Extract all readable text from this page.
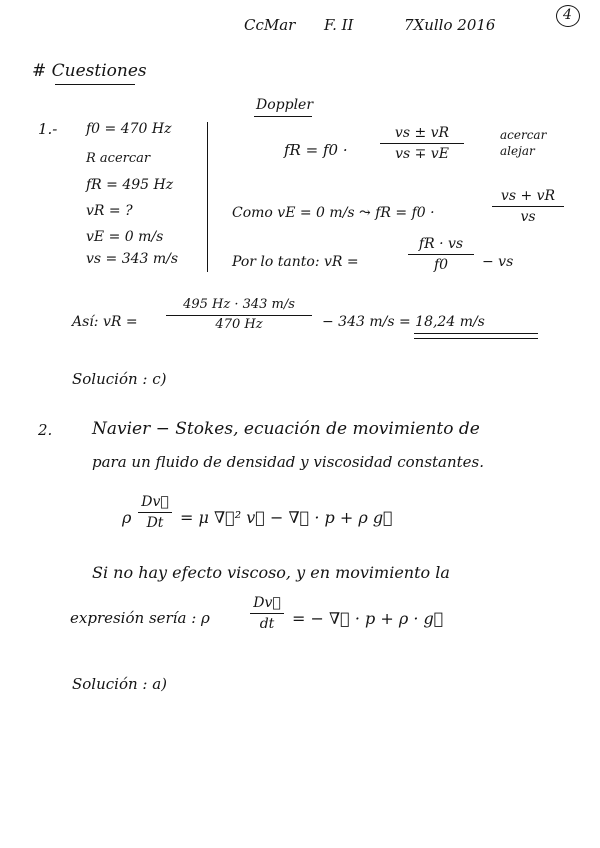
CcMar F. II	7Xullo 2016
4
# Cuestiones
1.- f0 = 470 Hz
R acercar
fR = 495 Hz
vR = ?
vE = 0 m/s
vs = 343 m/s
Doppler
fR = f0 ·
vs ± vR
vs ∓ vE
acercar
alejar
Como vE = 0 m/s ⤳ fR = f0 ·
vs + vR
vs
Por lo tanto: vR =
fR · vs
f0	− vs
Así: vR =
495 Hz · 343 m/s
470 Hz	− 343 m/s = 18,24 m/s
Solución : c)
2. Navier − Stokes, ecuación de movimiento de
para un fluido de densidad y viscosidad constantes.
ρ
Dv⃗
Dt	= μ ∇⃗² v⃗ − ∇⃗ · p + ρ g⃗
Si no hay efecto viscoso, y en movimiento la
expresión sería : ρ
Dv⃗
dt	= − ∇⃗ · p + ρ · g⃗
Solución : a)
